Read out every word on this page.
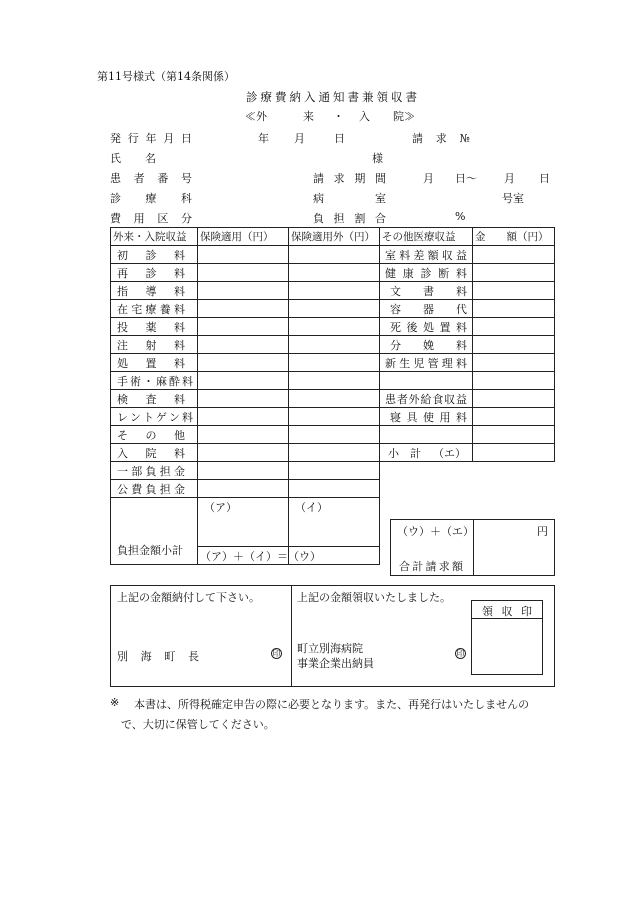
第11号様式（第14条関係）
診療費納入通知書兼領収書
≪外	来 ・ 入 院≫
発行年月日	年 月	日	請求№
氏名	様
患者番号	請求期間	月 日〜 月 日
診療科	病室	号室
費用区分	負担割合	%
外来・入院収益	保険適用（円）	保険適用外（円）	その他医療収益	金　　額（円）

初診料			室料差額収益	

再診料			健康診断料	

指導料			文書料	

在宅療養料			容器代	

投薬料			死後処置料	

注射料			分娩料	

処置料			新生児管理料	

手術・麻酔料				

検査料			患者外給食収益	

レントゲン料			寝具使用料	

その他				

入院料			小　計 （エ）	

一部負担金				

公費負担金				

負担金額小計	（ア）	（イ）		
	（ア）＋（イ）＝（ウ）			
（ウ）＋（エ）	円
合計請求額
上記の金額納付して下さい。
別海町長	印
上記の金額領収いたしました。
町立別海病院
事業企業出納員
印
領収印
※ 本書は、所得税確定申告の際に必要となります。また、再発行はいたしませんの
で、大切に保管してください。
